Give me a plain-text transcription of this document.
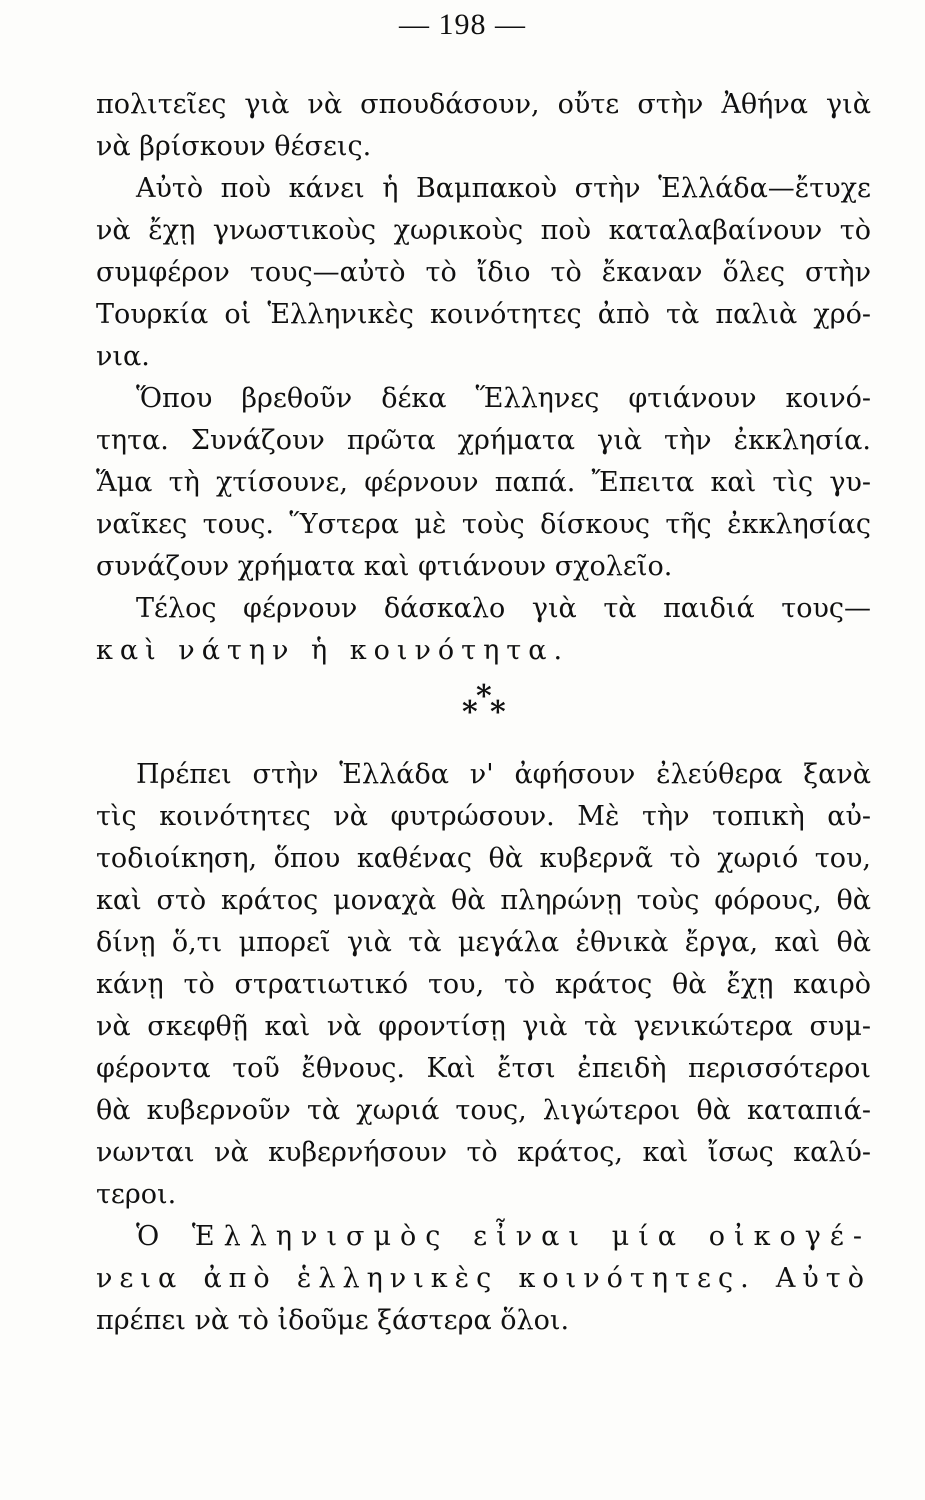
— 198 —
πολιτεῖες γιὰ νὰ σπουδάσουν, οὔτε στὴν Ἀθήνα γιὰ
νὰ βρίσκουν θέσεις.
Αὐτὸ ποὺ κάνει ἡ Βαμπακοὺ στὴν Ἑλλάδα—ἔτυχε
νὰ ἔχῃ γνωστικοὺς χωρικοὺς ποὺ καταλαβαίνουν τὸ
συμφέρον τους—αὐτὸ τὸ ἴδιο τὸ ἔκαναν ὅλες στὴν
Τουρκία οἱ Ἑλληνικὲς κοινότητες ἀπὸ τὰ παλιὰ χρό-
νια.
Ὅπου βρεθοῦν δέκα Ἕλληνες φτιάνουν κοινό-
τητα. Συνάζουν πρῶτα χρήματα γιὰ τὴν ἐκκλησία.
Ἅμα τὴ χτίσουνε, φέρνουν παπά. Ἔπειτα καὶ τὶς γυ-
ναῖκες τους. Ὕστερα μὲ τοὺς δίσκους τῆς ἐκκλησίας
συνάζουν χρήματα καὶ φτιάνουν σχολεῖο.
Τέλος φέρνουν δάσκαλο γιὰ τὰ παιδιά τους—
καὶ νάτην ἡ κοινότητα.
*
* *
Πρέπει στὴν Ἑλλάδα ν' ἀφήσουν ἐλεύθερα ξανὰ
τὶς κοινότητες νὰ φυτρώσουν. Μὲ τὴν τοπικὴ αὐ-
τοδιοίκηση, ὅπου καθένας θὰ κυβερνᾶ τὸ χωριό του,
καὶ στὸ κράτος μοναχὰ θὰ πληρώνῃ τοὺς φόρους, θὰ
δίνῃ ὅ,τι μπορεῖ γιὰ τὰ μεγάλα ἐθνικὰ ἔργα, καὶ θὰ
κάνῃ τὸ στρατιωτικό του, τὸ κράτος θὰ ἔχῃ καιρὸ
νὰ σκεφθῇ καὶ νὰ φροντίσῃ γιὰ τὰ γενικώτερα συμ-
φέροντα τοῦ ἔθνους. Καὶ ἔτσι ἐπειδὴ περισσότεροι
θὰ κυβερνοῦν τὰ χωριά τους, λιγώτεροι θὰ καταπιά-
νωνται νὰ κυβερνήσουν τὸ κράτος, καὶ ἴσως καλύ-
τεροι.
Ὁ Ἑλληνισμὸς εἶναι μία οἰκογέ-
νεια ἀπὸ ἑλληνικὲς κοινότητες. Αὐτὸ
πρέπει νὰ τὸ ἰδοῦμε ξάστερα ὅλοι.
